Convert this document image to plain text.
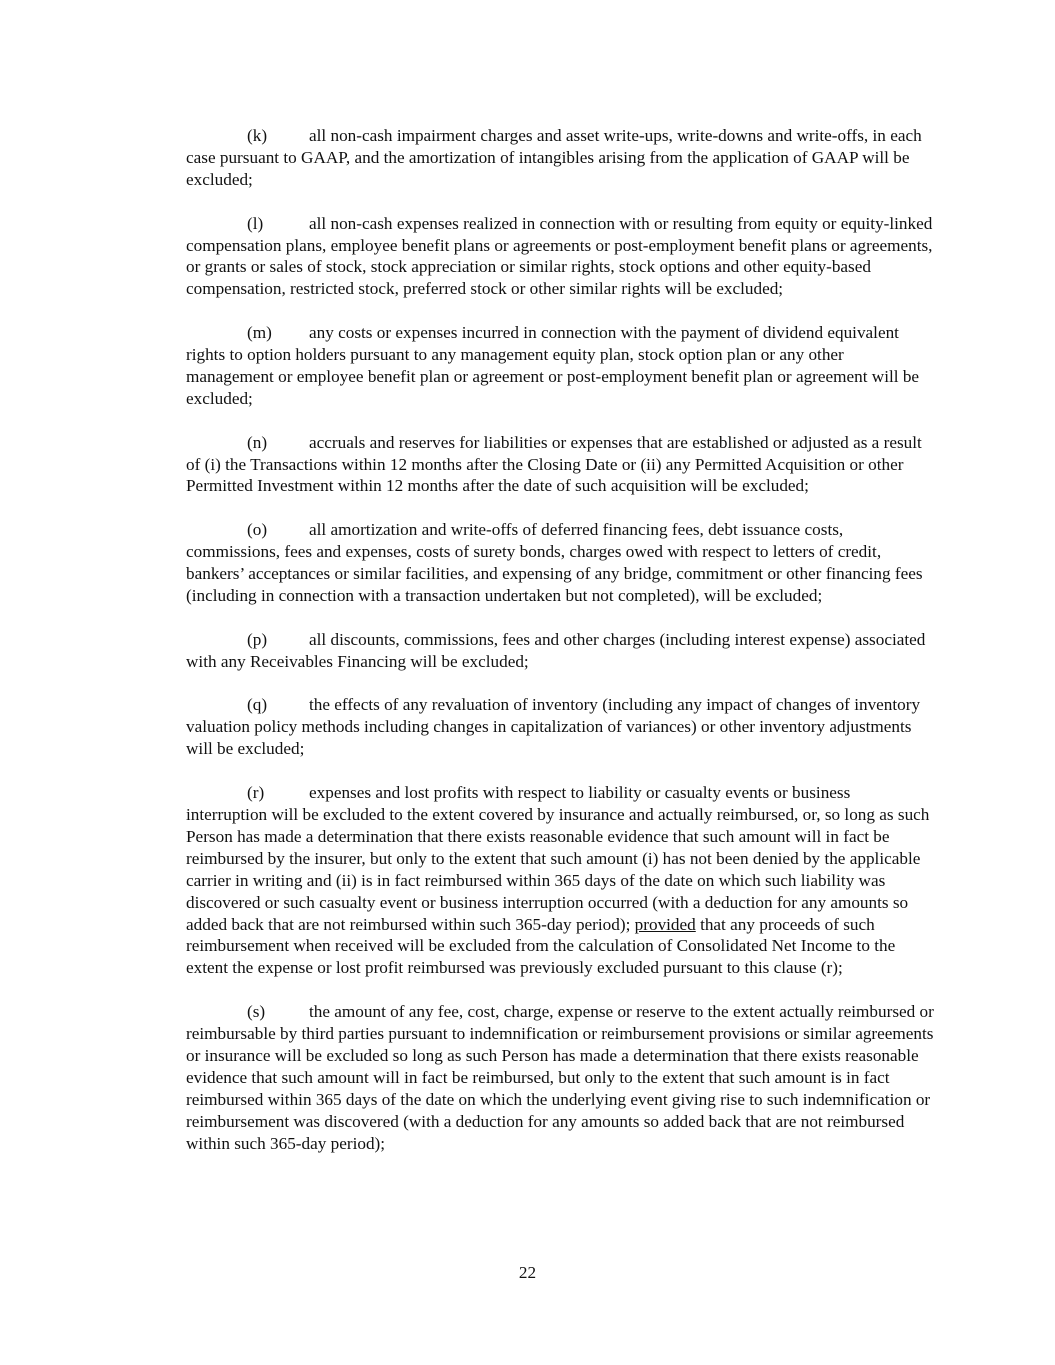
(k) all non-cash impairment charges and asset write-ups, write-downs and write-offs, in each case pursuant to GAAP, and the amortization of intangibles arising from the application of GAAP will be excluded;

(l)	all non-cash expenses realized in connection with or resulting from equity or equity-linked compensation plans, employee benefit plans or agreements or post-employment benefit plans or agreements, or grants or sales of stock, stock appreciation or similar rights, stock options and other equity-based compensation, restricted stock, preferred stock or other similar rights will be excluded;

(m) any costs or expenses incurred in connection with the payment of dividend equivalent rights to option holders pursuant to any management equity plan, stock option plan or any other management or employee benefit plan or agreement or post-employment benefit plan or agreement will be excluded;

(n) accruals and reserves for liabilities or expenses that are established or adjusted as a result of (i) the Transactions within 12 months after the Closing Date or (ii) any Permitted Acquisition or other Permitted Investment within 12 months after the date of such acquisition will be excluded;

(o) all amortization and write-offs of deferred financing fees, debt issuance costs, commissions, fees and expenses, costs of surety bonds, charges owed with respect to letters of credit, bankers’ acceptances or similar facilities, and expensing of any bridge, commitment or other financing fees (including in connection with a transaction undertaken but not completed), will be excluded;

(p) all discounts, commissions, fees and other charges (including interest expense) associated with any Receivables Financing will be excluded;

(q) the effects of any revaluation of inventory (including any impact of changes of inventory valuation policy methods including changes in capitalization of variances) or other inventory adjustments will be excluded;

(r)	expenses and lost profits with respect to liability or casualty events or business interruption will be excluded to the extent covered by insurance and actually reimbursed, or, so long as such Person has made a determination that there exists reasonable evidence that such amount will in fact be reimbursed by the insurer, but only to the extent that such amount (i) has not been denied by the applicable carrier in writing and (ii) is in fact reimbursed within 365 days of the date on which such liability was discovered or such casualty event or business interruption occurred (with a deduction for any amounts so added back that are not reimbursed within such 365-day period); provided that any proceeds of such reimbursement when received will be excluded from the calculation of Consolidated Net Income to the extent the expense or lost profit reimbursed was previously excluded pursuant to this clause (r);

(s)	the amount of any fee, cost, charge, expense or reserve to the extent actually reimbursed or reimbursable by third parties pursuant to indemnification or reimbursement provisions or similar agreements or insurance will be excluded so long as such Person has made a determination that there exists reasonable evidence that such amount will in fact be reimbursed, but only to the extent that such amount is in fact reimbursed within 365 days of the date on which the underlying event giving rise to such indemnification or reimbursement was discovered (with a deduction for any amounts so added back that are not reimbursed within such 365-day period);

22
